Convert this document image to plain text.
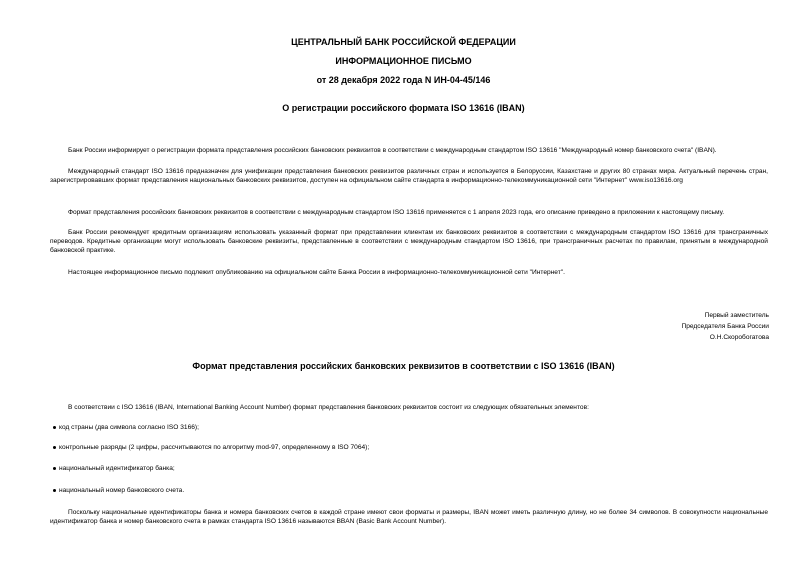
ЦЕНТРАЛЬНЫЙ БАНК РОССИЙСКОЙ ФЕДЕРАЦИИ
ИНФОРМАЦИОННОЕ ПИСЬМО
от 28 декабря 2022 года N ИН-04-45/146
О регистрации российского формата ISO 13616 (IBAN)
Банк России информирует о регистрации формата представления российских банковских реквизитов в соответствии с международным стандартом ISO 13616 "Международный номер банковского счета" (IBAN).
Международный стандарт ISO 13616 предназначен для унификации представления банковских реквизитов различных стран и используется в Белоруссии, Казахстане и других 80 странах мира. Актуальный перечень стран, зарегистрировавших формат представления национальных банковских реквизитов, доступен на официальном сайте стандарта в информационно-телекоммуникационной сети "Интернет" www.iso13616.org
Формат представления российских банковских реквизитов в соответствии с международным стандартом ISO 13616 применяется с 1 апреля 2023 года, его описание приведено в приложении к настоящему письму.
Банк России рекомендует кредитным организациям использовать указанный формат при представлении клиентам их банковских реквизитов в соответствии с международным стандартом ISO 13616 для трансграничных переводов. Кредитные организации могут использовать банковские реквизиты, представленные в соответствии с международным стандартом ISO 13616, при трансграничных расчетах по правилам, принятым в международной банковской практике.
Настоящее информационное письмо подлежит опубликованию на официальном сайте Банка России в информационно-телекоммуникационной сети "Интернет".
Первый заместитель
Председателя Банка России
О.Н.Скоробогатова
Формат представления российских банковских реквизитов в соответствии с ISO 13616 (IBAN)
В соответствии с ISO 13616 (IBAN, International Banking Account Number) формат представления банковских реквизитов состоит из следующих обязательных элементов:
код страны (два символа согласно ISO 3166);
контрольные разряды (2 цифры, рассчитываются по алгоритму mod-97, определенному в ISO 7064);
национальный идентификатор банка;
национальный номер банковского счета.
Поскольку национальные идентификаторы банка и номера банковских счетов в каждой стране имеют свои форматы и размеры, IBAN может иметь различную длину, но не более 34 символов. В совокупности национальные идентификатор банка и номер банковского счета в рамках стандарта ISO 13616 называются BBAN (Basic Bank Account Number).
